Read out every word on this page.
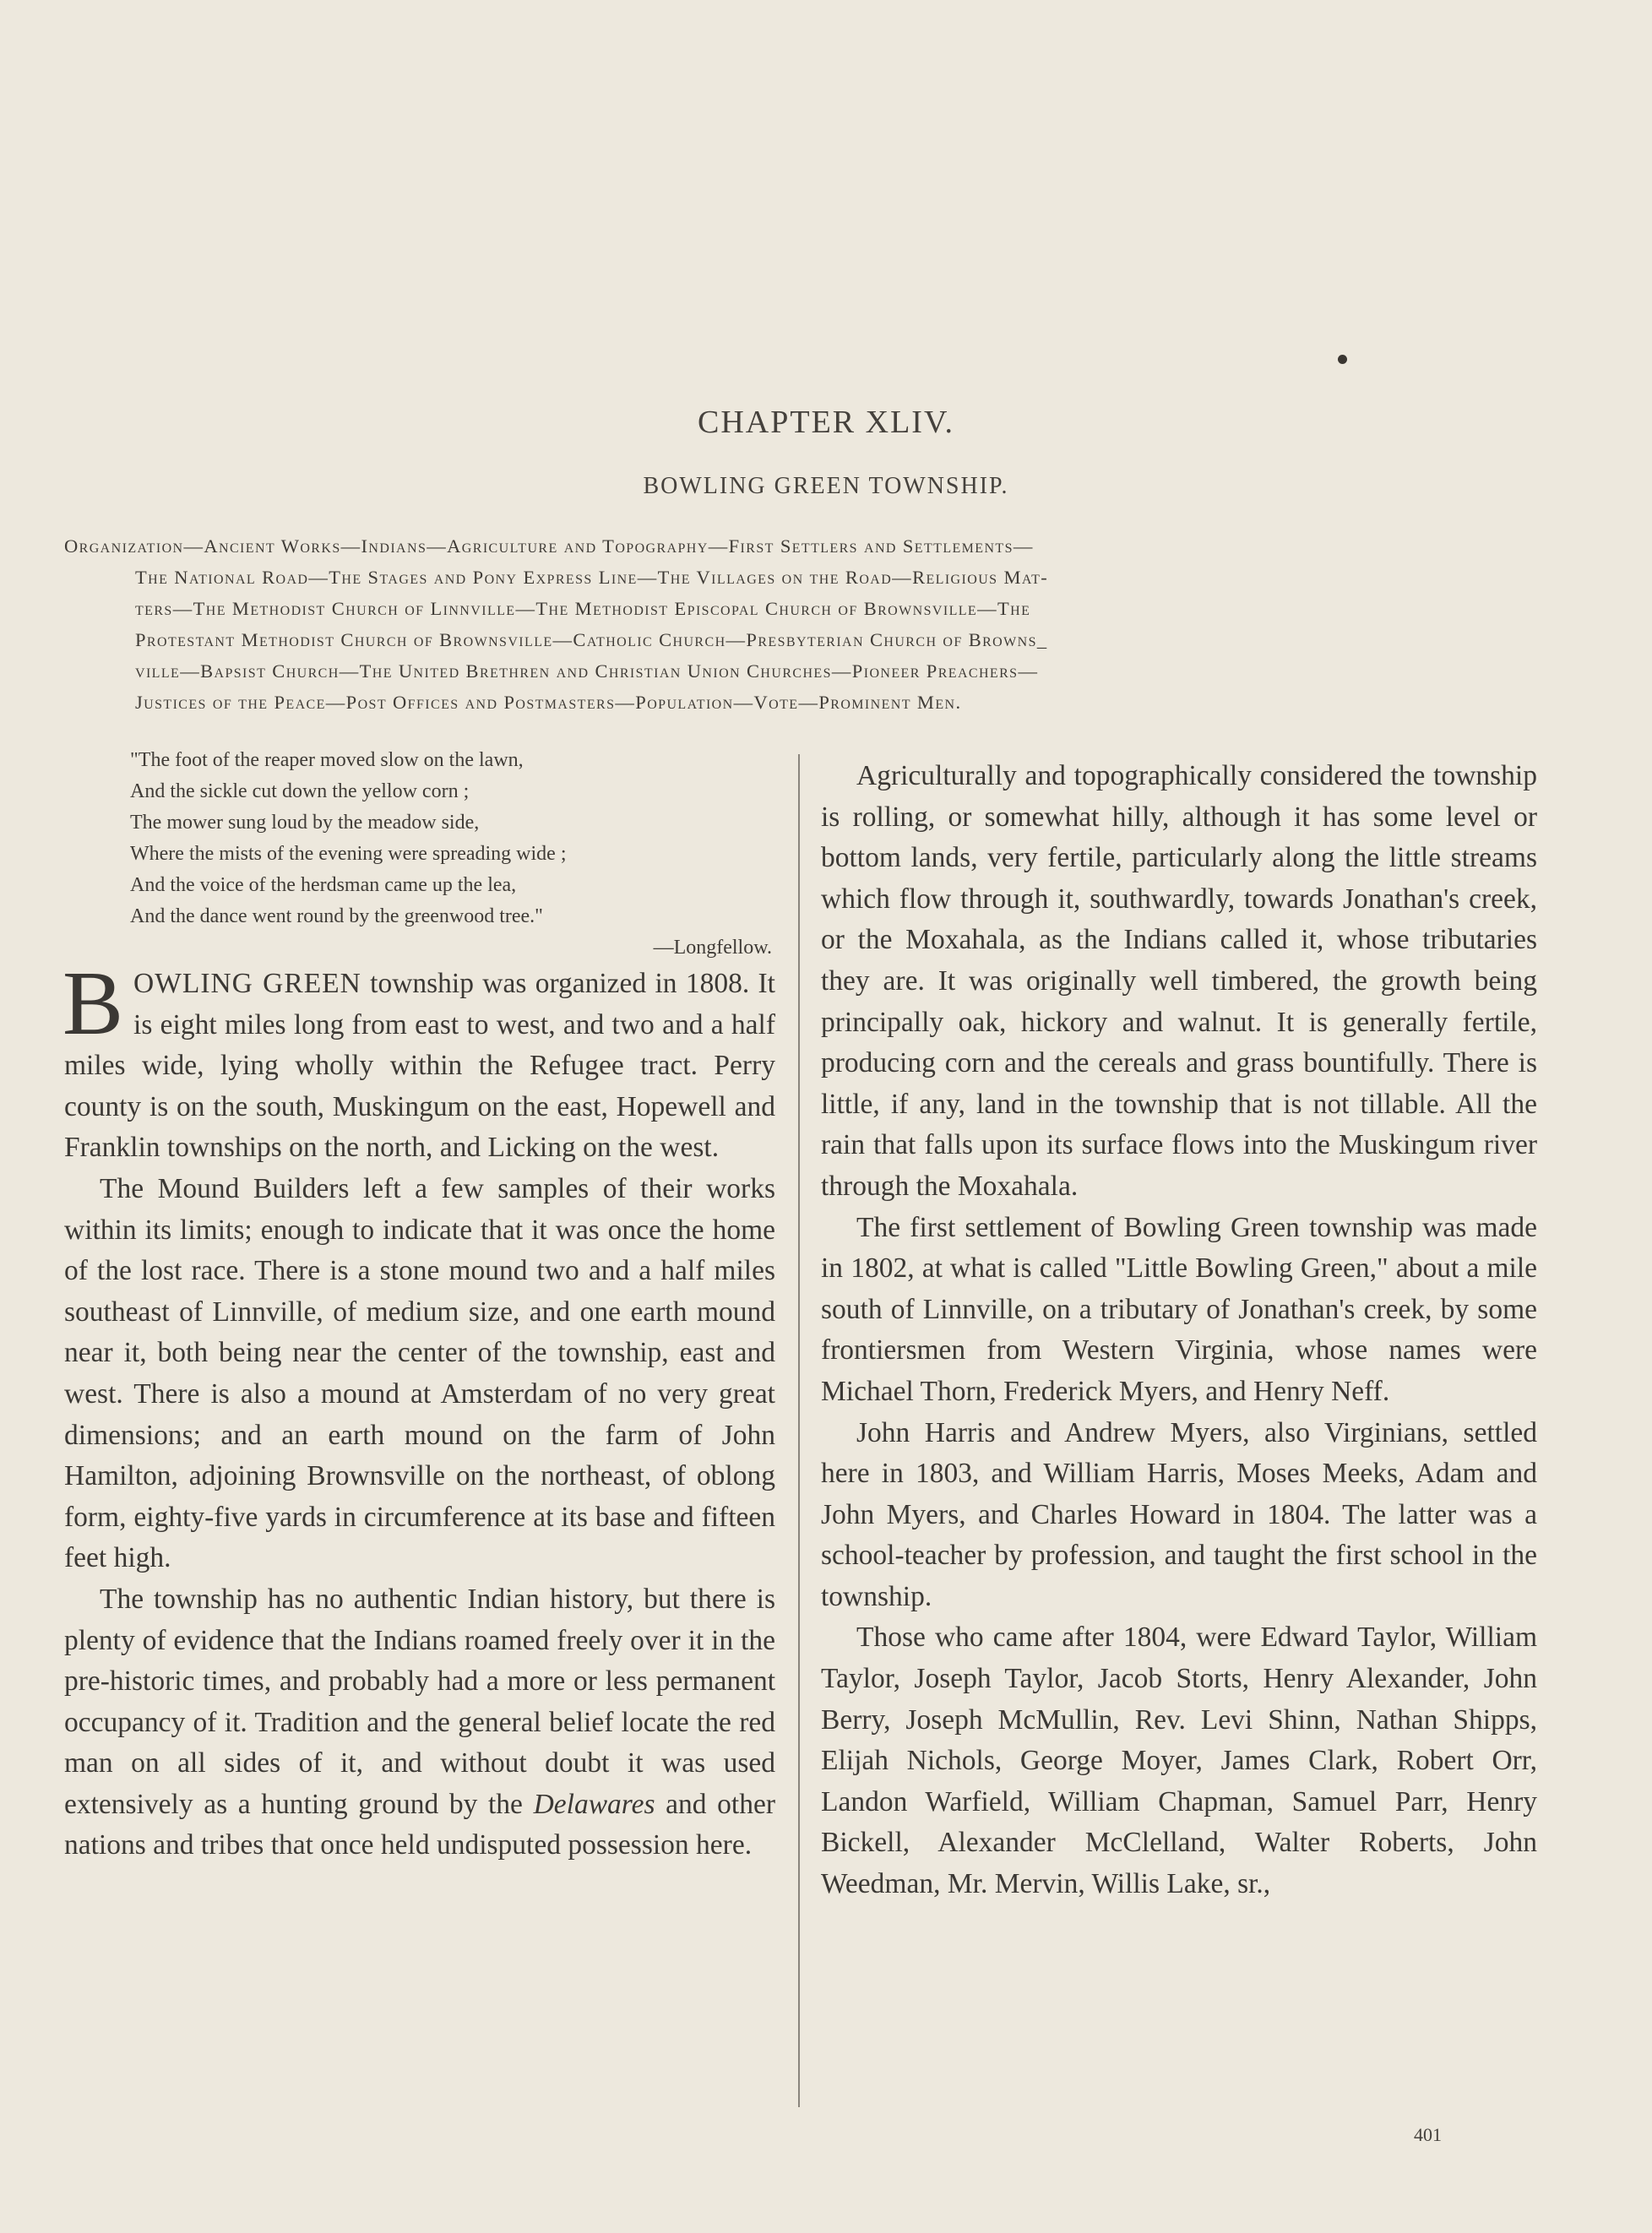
CHAPTER XLIV.
BOWLING GREEN TOWNSHIP.
Organization—Ancient Works—Indians—Agriculture and Topography—First Settlers and Settlements—
The National Road—The Stages and Pony Express Line—The Villages on the Road—Religious Mat-
ters—The Methodist Church of Linnville—The Methodist Episcopal Church of Brownsville—The
Protestant Methodist Church of Brownsville—Catholic Church—Presbyterian Church of Browns_
ville—Bapsist Church—The United Brethren and Christian Union Churches—Pioneer Preachers—
Justices of the Peace—Post Offices and Postmasters—Population—Vote—Prominent Men.
"The foot of the reaper moved slow on the lawn,
And the sickle cut down the yellow corn ;
The mower sung loud by the meadow side,
Where the mists of the evening were spreading wide ;
And the voice of the herdsman came up the lea,
And the dance went round by the greenwood tree."
—Longfellow.

BOWLING GREEN township was organized in 1808. It is eight miles long from east to west, and two and a half miles wide, lying wholly within the Refugee tract. Perry county is on the south, Muskingum on the east, Hopewell and Franklin townships on the north, and Licking on the west.

The Mound Builders left a few samples of their works within its limits; enough to indicate that it was once the home of the lost race. There is a stone mound two and a half miles southeast of Linnville, of medium size, and one earth mound near it, both being near the center of the township, east and west. There is also a mound at Amsterdam of no very great dimensions; and an earth mound on the farm of John Hamilton, adjoining Brownsville on the northeast, of oblong form, eighty-five yards in circumference at its base and fifteen feet high.

The township has no authentic Indian history, but there is plenty of evidence that the Indians roamed freely over it in the pre-historic times, and probably had a more or less permanent occupancy of it. Tradition and the general belief locate the red man on all sides of it, and without doubt it was used extensively as a hunting ground by the Delawares and other nations and tribes that once held undisputed possession here.

Agriculturally and topographically considered the township is rolling, or somewhat hilly, although it has some level or bottom lands, very fertile, particularly along the little streams which flow through it, southwardly, towards Jonathan's creek, or the Moxahala, as the Indians called it, whose tributaries they are. It was originally well timbered, the growth being principally oak, hickory and walnut. It is generally fertile, producing corn and the cereals and grass bountifully. There is little, if any, land in the township that is not tillable. All the rain that falls upon its surface flows into the Muskingum river through the Moxahala.

The first settlement of Bowling Green township was made in 1802, at what is called "Little Bowling Green," about a mile south of Linnville, on a tributary of Jonathan's creek, by some frontiersmen from Western Virginia, whose names were Michael Thorn, Frederick Myers, and Henry Neff.

John Harris and Andrew Myers, also Virginians, settled here in 1803, and William Harris, Moses Meeks, Adam and John Myers, and Charles Howard in 1804. The latter was a school-teacher by profession, and taught the first school in the township.

Those who came after 1804, were Edward Taylor, William Taylor, Joseph Taylor, Jacob Storts, Henry Alexander, John Berry, Joseph McMullin, Rev. Levi Shinn, Nathan Shipps, Elijah Nichols, George Moyer, James Clark, Robert Orr, Landon Warfield, William Chapman, Samuel Parr, Henry Bickell, Alexander McClelland, Walter Roberts, John Weedman, Mr. Mervin, Willis Lake, sr.,

401
